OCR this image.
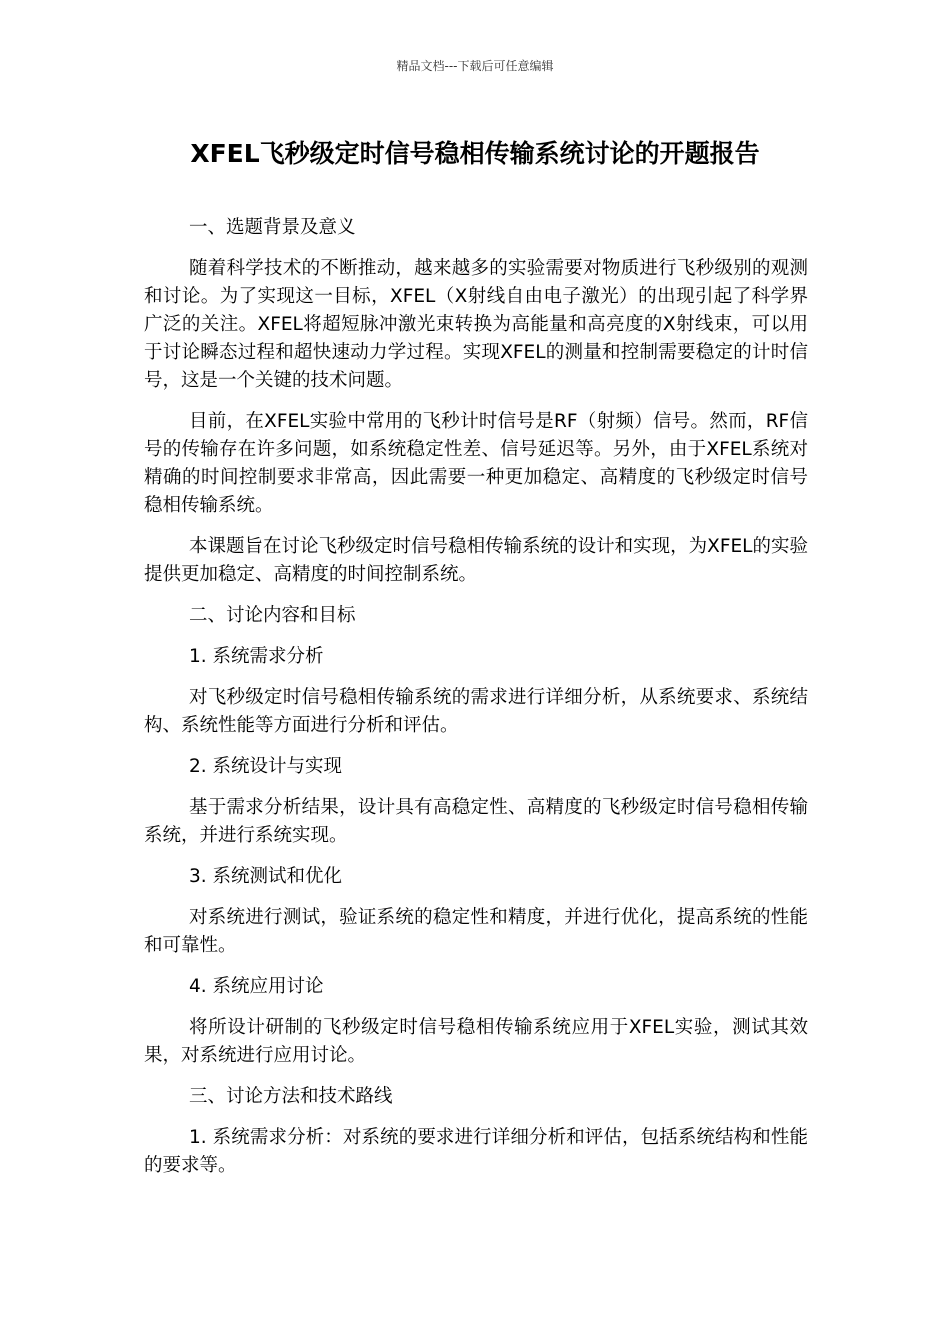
精品文档---下载后可任意编辑
XFEL飞秒级定时信号稳相传输系统讨论的开题报告

一、选题背景及意义

随着科学技术的不断推动，越来越多的实验需要对物质进行飞秒级别的观测和讨论。为了实现这一目标，XFEL（X射线自由电子激光）的出现引起了科学界广泛的关注。XFEL将超短脉冲激光束转换为高能量和高亮度的X射线束，可以用于讨论瞬态过程和超快速动力学过程。实现XFEL的测量和控制需要稳定的计时信号，这是一个关键的技术问题。

目前，在XFEL实验中常用的飞秒计时信号是RF（射频）信号。然而，RF信号的传输存在许多问题，如系统稳定性差、信号延迟等。另外，由于XFEL系统对精确的时间控制要求非常高，因此需要一种更加稳定、高精度的飞秒级定时信号稳相传输系统。

本课题旨在讨论飞秒级定时信号稳相传输系统的设计和实现，为XFEL的实验提供更加稳定、高精度的时间控制系统。

二、讨论内容和目标

1. 系统需求分析

对飞秒级定时信号稳相传输系统的需求进行详细分析，从系统要求、系统结构、系统性能等方面进行分析和评估。

2. 系统设计与实现

基于需求分析结果，设计具有高稳定性、高精度的飞秒级定时信号稳相传输系统，并进行系统实现。

3. 系统测试和优化

对系统进行测试，验证系统的稳定性和精度，并进行优化，提高系统的性能和可靠性。

4. 系统应用讨论

将所设计研制的飞秒级定时信号稳相传输系统应用于XFEL实验，测试其效果，对系统进行应用讨论。

三、讨论方法和技术路线

1. 系统需求分析：对系统的要求进行详细分析和评估，包括系统结构和性能的要求等。
